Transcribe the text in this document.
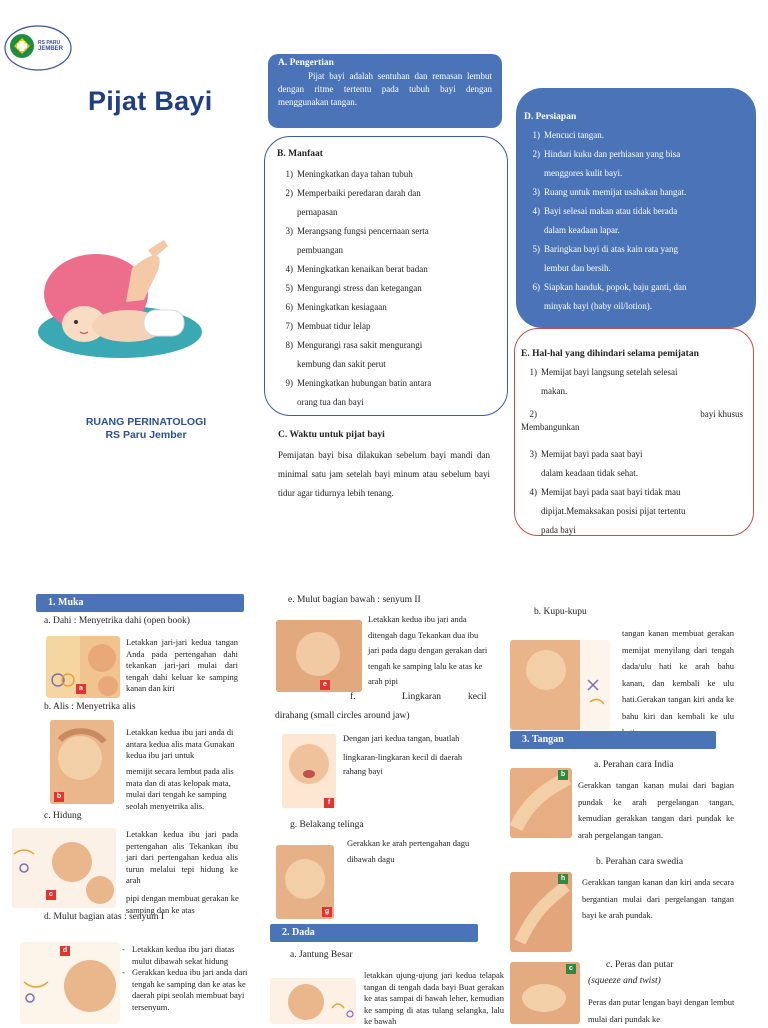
RS PARU
JEMBER
Pijat Bayi
RUANG PERINATOLOGI
RS Paru Jember
A. Pengertian
Pijat bayi adalah sentuhan dan remasan lembut dengan ritme tertentu pada tubuh bayi dengan menggunakan tangan.
B. Manfaat
1) Meningkatkan daya tahan tubuh
2) Memperbaiki peredaran darah dan
pernapasan
3) Merangsang fungsi pencernaan serta
pembuangan
4) Meningkatkan kenaikan berat badan
5) Mengurangi stress dan ketegangan
6) Meningkatkan kesiagaan
7) Membuat tidur lelap
8) Mengurangi rasa sakit mengurangi
kembung dan sakit perut
9) Meningkatkan hubungan batin antara
orang tua dan bayi
C. Waktu untuk pijat bayi
Pemijatan bayi bisa dilakukan sebelum bayi mandi dan minimal satu jam setelah bayi minum atau sebelum bayi tidur agar tidurnya lebih tenang.
D. Persiapan
1) Mencuci tangan.
2) Hindari kuku dan perhiasan yang bisa
menggores kulit bayi.
3) Ruang untuk memijat usahakan hangat.
4) Bayi selesai makan atau tidak berada
dalam keadaan lapar.
5) Baringkan bayi di atas kain rata yang
lembut dan bersih.
6) Siapkan handuk, popok, baju ganti, dan
minyak bayi (baby oil/lotion).
E. Hal-hal yang dihindari selama pemijatan
1) Memijat bayi langsung setelah selesai
makan.
2)	bayi khusus
Membangunkan
3) Memijat bayi pada saat bayi
dalam keadaan tidak sehat.
4) Memijat bayi pada saat bayi tidak mau
dipijat.Memaksakan posisi pijat tertentu
pada bayi
1. Muka
a. Dahi : Menyetrika dahi (open book)
a
Letakkan jari-jari kedua tangan Anda pada pertengahan dahi tekankan jari-jari mulai dari tengah dahi keluar ke samping kanan dan kiri
b. Alis : Menyetrika alis
b
Letakkan kedua ibu jari anda di antara kedua alis mata Gunakan kedua ibu jari untuk
memijit secara lembut pada alis mata dan di atas kelopak mata, mulai dari tengah ke samping seolah menyetrika alis.
c. Hidung
c
Letakkan kedua ibu jari pada pertengahan alis Tekankan ibu jari dari pertengahan kedua alis turun melalui tepi hidung ke arah
pipi dengan membuat gerakan ke samping dan ke atas
d. Mulut bagian atas : senyum I
d	- Letakkan kedua ibu jari diatas mulut dibawah sekat hidung
- Gerakkan kedua ibu jari anda dari tengah ke samping dan ke atas ke daerah pipi seolah membuat bayi tersenyum.
e. Mulut bagian bawah : senyum II
e
Letakkan kedua ibu jari anda ditengah dagu Tekankan dua ibu jari pada dagu dengan gerakan dari tengah ke samping lalu ke atas ke arah pipi
f.	Lingkaran	kecil
dirahang (small circles around jaw)
f
Dengan jari kedua tangan, buatlah lingkaran-lingkaran kecil di daerah
rahang bayi
g. Belakang telinga
g
Gerakkan ke arah pertengahan dagu dibawah dagu
2. Dada
a. Jantung Besar
letakkan ujung-ujung jari kedua telapak tangan di tengah dada bayi Buat gerakan ke atas sampai di bawah leher, kemudian ke samping di atas tulang selangka, lalu ke bawah
b. Kupu-kupu
tangan kanan membuat gerakan memijat menyilang dari tengah dada/ulu hati ke arah bahu kanan, dan kembali ke ulu hati.Gerakan tangan kiri anda ke bahu kiri dan kembali ke ulu
3. Tangan
a. Perahan cara India
b
Gerakkan tangan kanan mulai dari bagian pundak ke arah pergelangan tangan, kemudian gerakkan tangan dari pundak ke arah pergelangan tangan.
b. Perahan cara swedia
h	Gerakkan tangan kanan dan kiri anda secara bergantian mulai dari pergelangan tangan bayi ke arah pundak.
c. Peras dan putar
(squeeze and twist)
c
Peras dan putar lengan bayi dengan lembut mulai dari pundak ke
